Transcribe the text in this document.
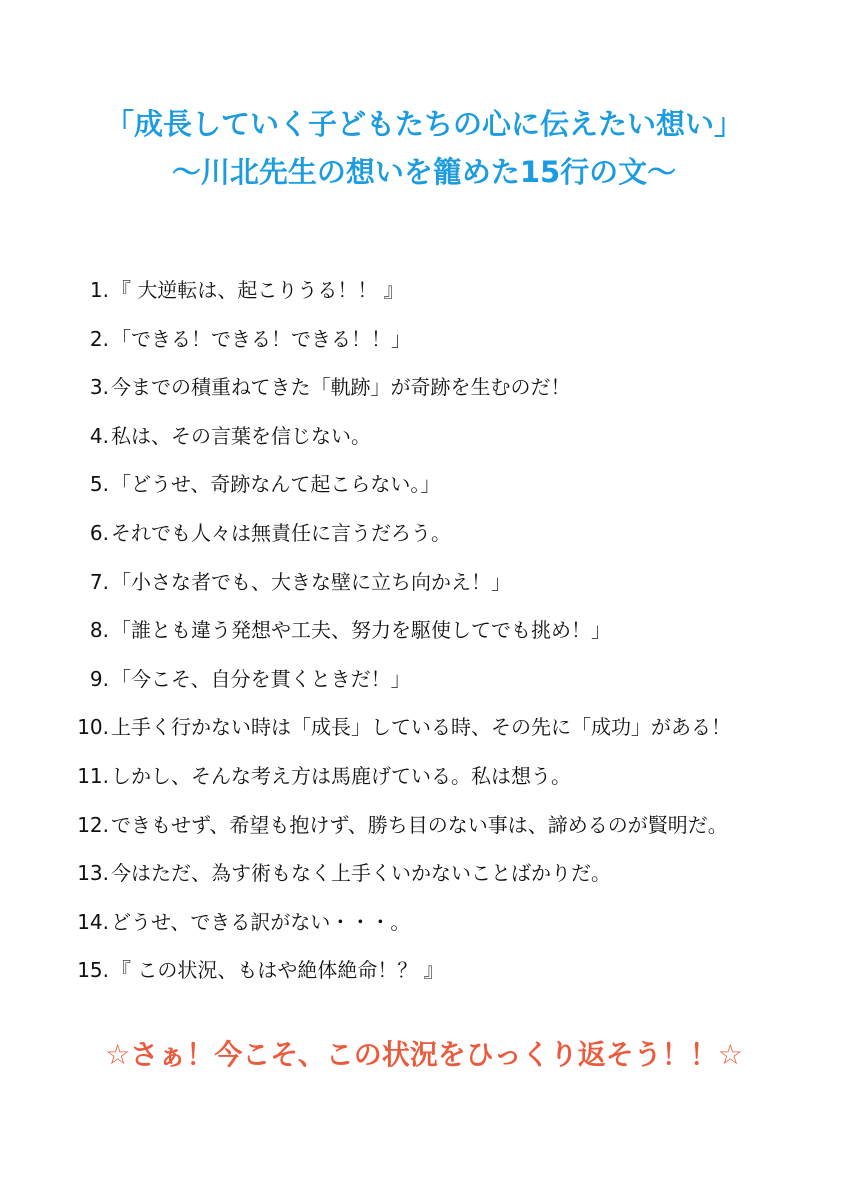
「成長していく子どもたちの心に伝えたい想い」
〜川北先生の想いを籠めた15行の文〜
1. 『 大逆転は、起こりうる！！ 』
2. 「できる！できる！できる！！」
3. 今までの積重ねてきた「軌跡」が奇跡を生むのだ！
4. 私は、その言葉を信じない。
5. 「どうせ、奇跡なんて起こらない。」
6. それでも人々は無責任に言うだろう。
7. 「小さな者でも、大きな壁に立ち向かえ！」
8. 「誰とも違う発想や工夫、努力を駆使してでも挑め！」
9. 「今こそ、自分を貫くときだ！」
10. 上手く行かない時は「成長」している時、その先に「成功」がある！
11. しかし、そんな考え方は馬鹿げている。私は想う。
12. できもせず、希望も抱けず、勝ち目のない事は、諦めるのが賢明だ。
13. 今はただ、為す術もなく上手くいかないことばかりだ。
14. どうせ、できる訳がない・・・。
15. 『 この状況、もはや絶体絶命！？ 』
☆さぁ！今こそ、この状況をひっくり返そう！！☆
